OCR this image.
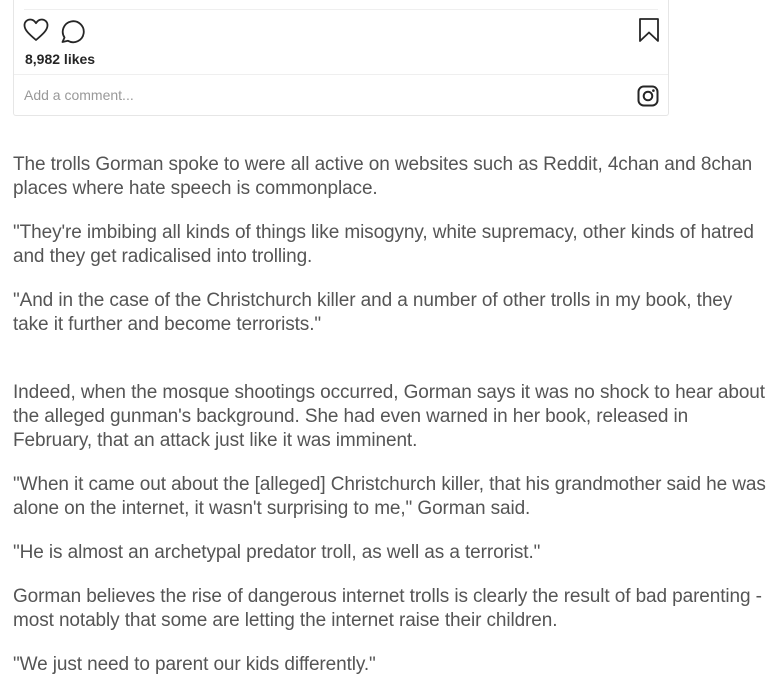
8,982 likes
Add a comment...

The trolls Gorman spoke to were all active on websites such as Reddit, 4chan and 8chan places where hate speech is commonplace.

"They're imbibing all kinds of things like misogyny, white supremacy, other kinds of hatred and they get radicalised into trolling.

"And in the case of the Christchurch killer and a number of other trolls in my book, they take it further and become terrorists."

Indeed, when the mosque shootings occurred, Gorman says it was no shock to hear about the alleged gunman's background. She had even warned in her book, released in February, that an attack just like it was imminent.

"When it came out about the [alleged] Christchurch killer, that his grandmother said he was alone on the internet, it wasn't surprising to me," Gorman said.

"He is almost an archetypal predator troll, as well as a terrorist."

Gorman believes the rise of dangerous internet trolls is clearly the result of bad parenting - most notably that some are letting the internet raise their children.

"We just need to parent our kids differently."
